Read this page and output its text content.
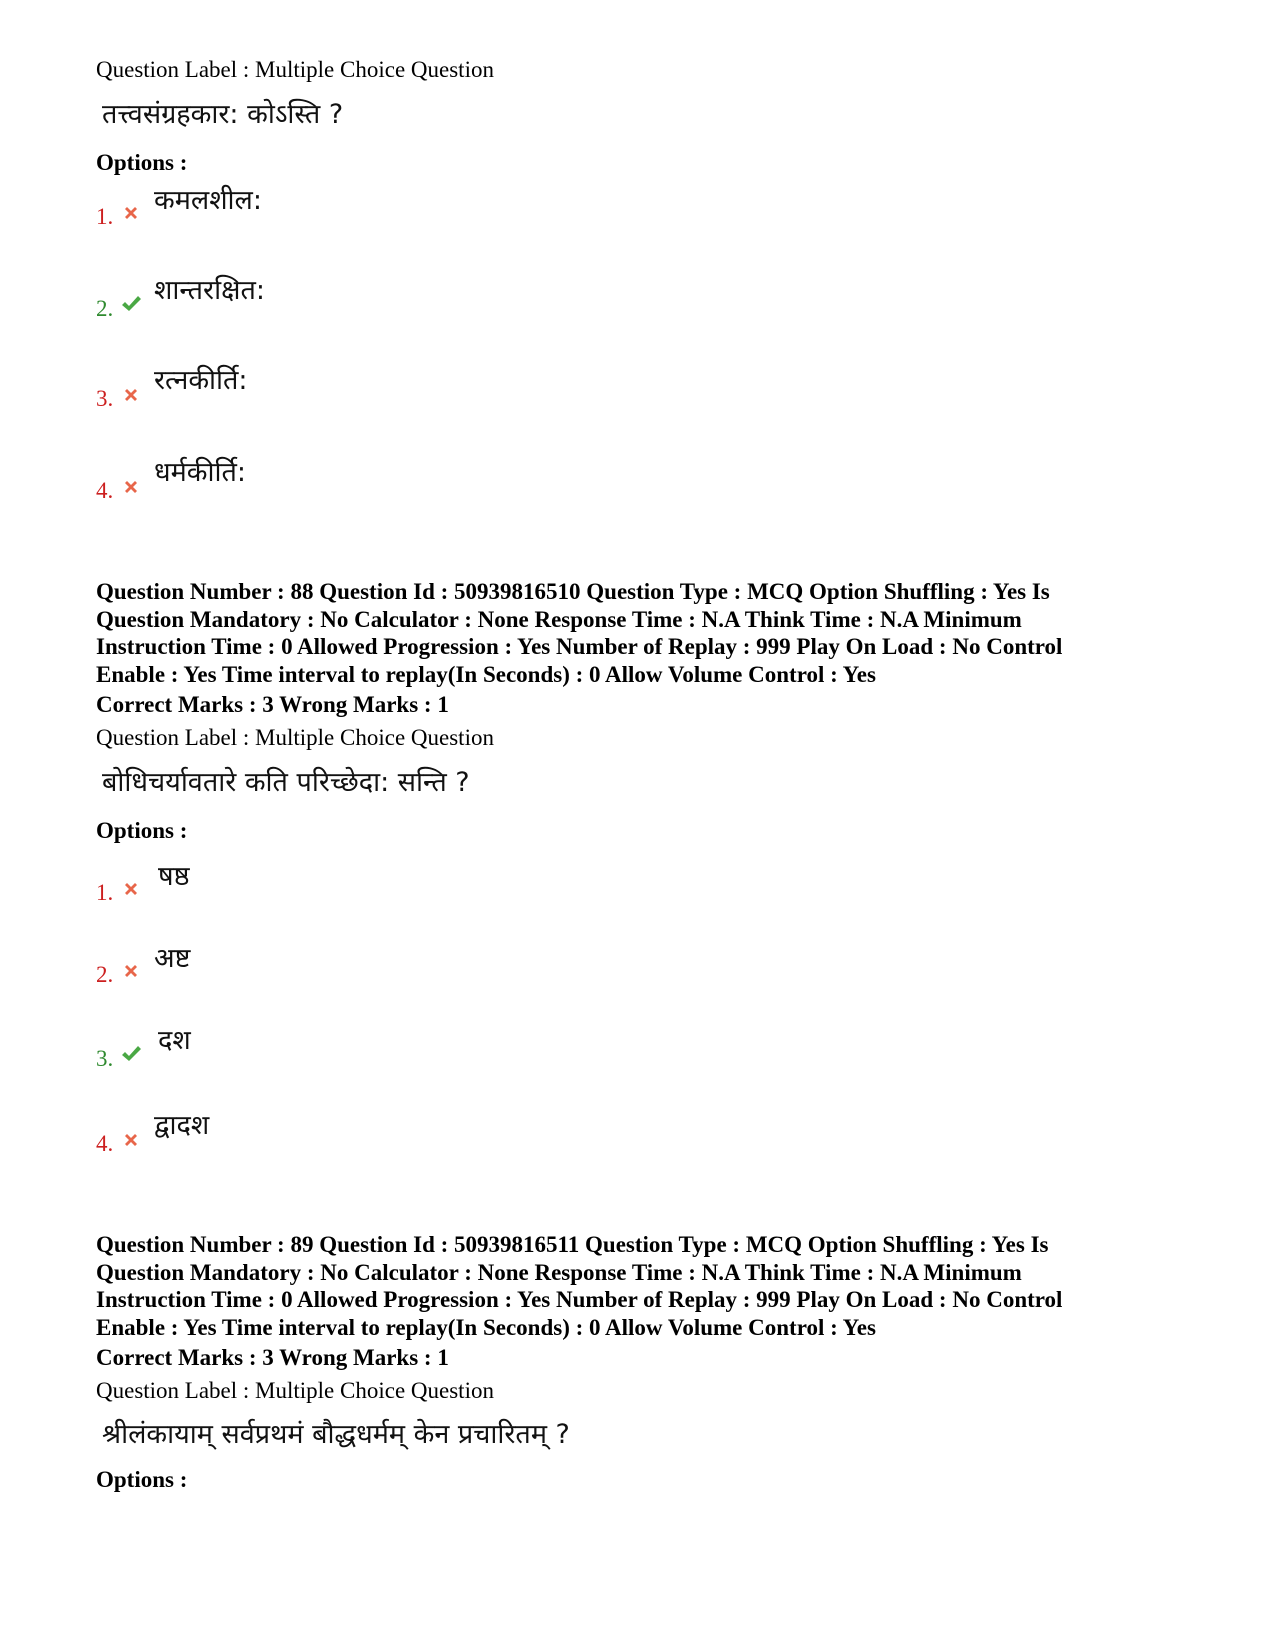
Question Label : Multiple Choice Question
तत्त्वसंग्रहकार: कोऽस्ति ?
Options :
1.
कमलशील:
2.
शान्तरक्षित:
3.
रत्नकीर्ति:
4.
धर्मकीर्ति:
Question Number : 88 Question Id : 50939816510 Question Type : MCQ Option Shuffling : Yes Is
Question Mandatory : No Calculator : None Response Time : N.A Think Time : N.A Minimum
Instruction Time : 0 Allowed Progression : Yes Number of Replay : 999 Play On Load : No Control
Enable : Yes Time interval to replay(In Seconds) : 0 Allow Volume Control : Yes
Correct Marks : 3 Wrong Marks : 1
Question Label : Multiple Choice Question
बोधिचर्यावतारे कति परिच्छेदा: सन्ति ?
Options :
1.
षष्ठ
2.
अष्ट
3.
दश
4.
द्वादश
Question Number : 89 Question Id : 50939816511 Question Type : MCQ Option Shuffling : Yes Is
Question Mandatory : No Calculator : None Response Time : N.A Think Time : N.A Minimum
Instruction Time : 0 Allowed Progression : Yes Number of Replay : 999 Play On Load : No Control
Enable : Yes Time interval to replay(In Seconds) : 0 Allow Volume Control : Yes
Correct Marks : 3 Wrong Marks : 1
Question Label : Multiple Choice Question
श्रीलंकायाम् सर्वप्रथमं बौद्धधर्मम् केन प्रचारितम् ?
Options :
